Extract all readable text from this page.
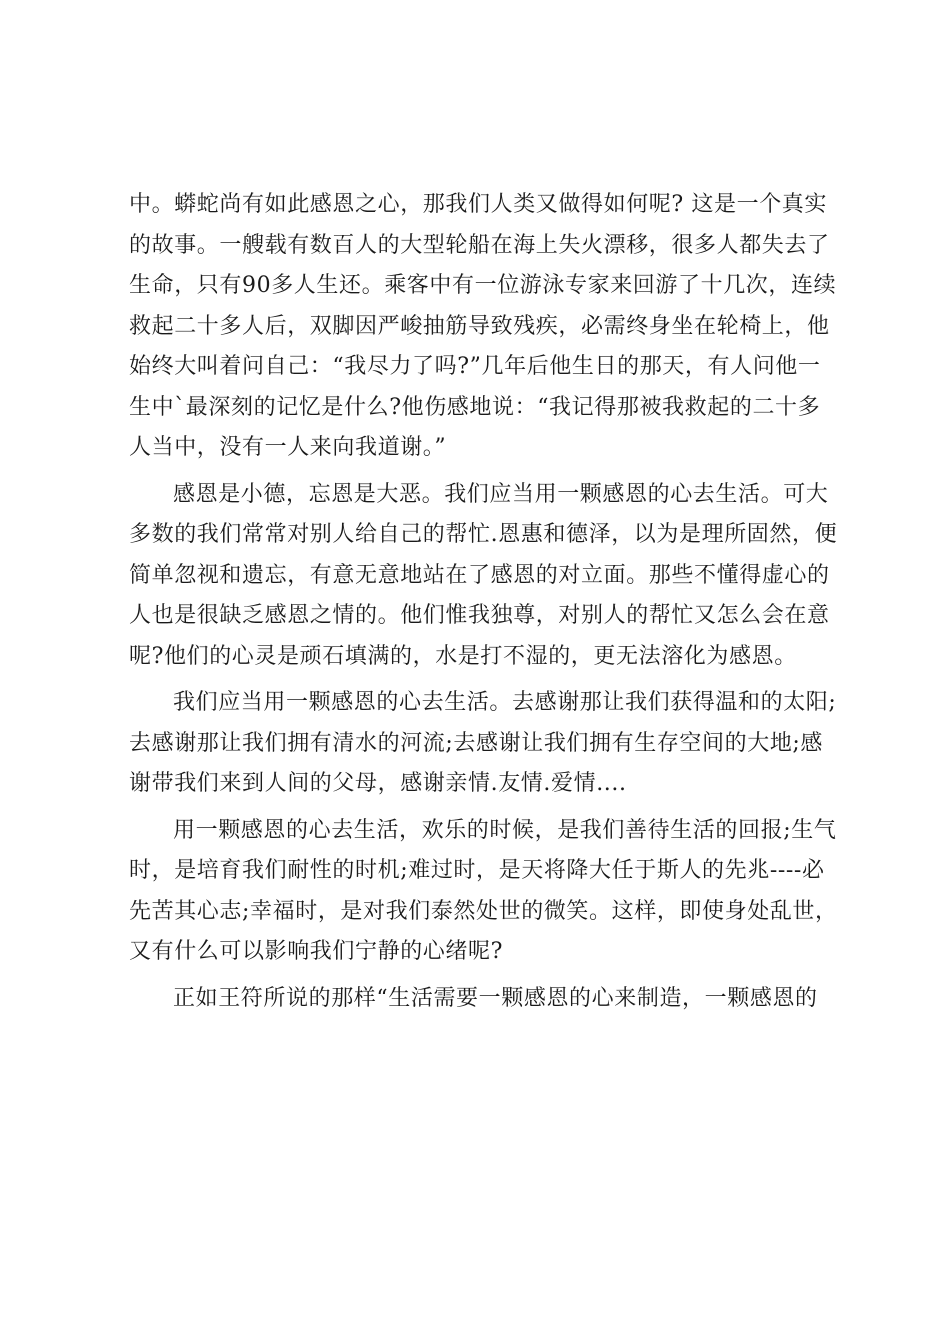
中。蟒蛇尚有如此感恩之心，那我们人类又做得如何呢? 这是一个真实
的故事。一艘载有数百人的大型轮船在海上失火漂移，很多人都失去了
生命，只有90多人生还。乘客中有一位游泳专家来回游了十几次，连续
救起二十多人后，双脚因严峻抽筋导致残疾，必需终身坐在轮椅上，他
始终大叫着问自己：“我尽力了吗?”几年后他生日的那天，有人问他一
生中`最深刻的记忆是什么?他伤感地说：“我记得那被我救起的二十多
人当中，没有一人来向我道谢。”
感恩是小德，忘恩是大恶。我们应当用一颗感恩的心去生活。可大
多数的我们常常对别人给自己的帮忙.恩惠和德泽，以为是理所固然，便
简单忽视和遗忘，有意无意地站在了感恩的对立面。那些不懂得虚心的
人也是很缺乏感恩之情的。他们惟我独尊，对别人的帮忙又怎么会在意
呢?他们的心灵是顽石填满的，水是打不湿的，更无法溶化为感恩。
我们应当用一颗感恩的心去生活。去感谢那让我们获得温和的太阳;
去感谢那让我们拥有清水的河流;去感谢让我们拥有生存空间的大地;感
谢带我们来到人间的父母，感谢亲情.友情.爱情....
用一颗感恩的心去生活，欢乐的时候，是我们善待生活的回报;生气
时，是培育我们耐性的时机;难过时，是天将降大任于斯人的先兆----必
先苦其心志;幸福时，是对我们泰然处世的微笑。这样，即使身处乱世，
又有什么可以影响我们宁静的心绪呢?
正如王符所说的那样“生活需要一颗感恩的心来制造，一颗感恩的
